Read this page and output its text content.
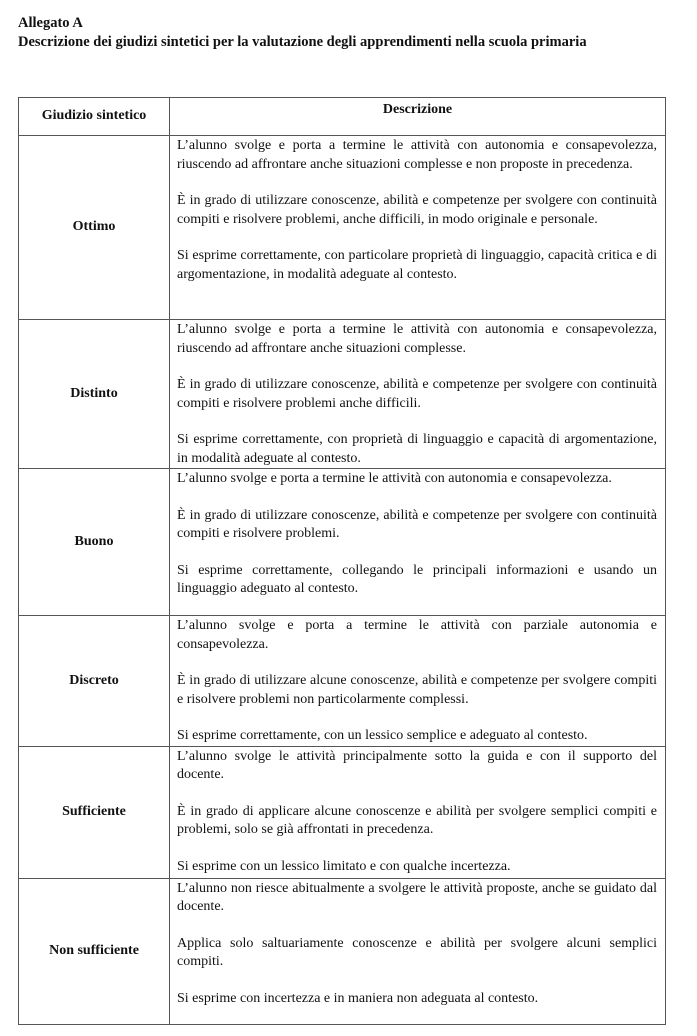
Allegato A
Descrizione dei giudizi sintetici per la valutazione degli apprendimenti nella scuola primaria
Giudizio sintetico	Descrizione
Ottimo	L’alunno svolge e porta a termine le attività con autonomia e consapevolezza, riuscendo ad affrontare anche situazioni complesse e non proposte in precedenza.

È in grado di utilizzare conoscenze, abilità e competenze per svolgere con continuità compiti e risolvere problemi, anche difficili, in modo originale e personale.

Si esprime correttamente, con particolare proprietà di linguaggio, capacità critica e di argomentazione, in modalità adeguate al contesto.

Distinto	L’alunno svolge e porta a termine le attività con autonomia e consapevolezza, riuscendo ad affrontare anche situazioni complesse.

È in grado di utilizzare conoscenze, abilità e competenze per svolgere con continuità compiti e risolvere problemi anche difficili.

Si esprime correttamente, con proprietà di linguaggio e capacità di argomentazione, in modalità adeguate al contesto.

Buono	L’alunno svolge e porta a termine le attività con autonomia e consapevolezza.

È in grado di utilizzare conoscenze, abilità e competenze per svolgere con continuità compiti e risolvere problemi.

Si esprime correttamente, collegando le principali informazioni e usando un linguaggio adeguato al contesto.

Discreto	L’alunno svolge e porta a termine le attività con parziale autonomia e consapevolezza.

È in grado di utilizzare alcune conoscenze, abilità e competenze per svolgere compiti e risolvere problemi non particolarmente complessi.

Si esprime correttamente, con un lessico semplice e adeguato al contesto.

Sufficiente	L’alunno svolge le attività principalmente sotto la guida e con il supporto del docente.

È in grado di applicare alcune conoscenze e abilità per svolgere semplici compiti e problemi, solo se già affrontati in precedenza.

Si esprime con un lessico limitato e con qualche incertezza.

Non sufficiente	L’alunno non riesce abitualmente a svolgere le attività proposte, anche se guidato dal docente.

Applica solo saltuariamente conoscenze e abilità per svolgere alcuni semplici compiti.

Si esprime con incertezza e in maniera non adeguata al contesto.
